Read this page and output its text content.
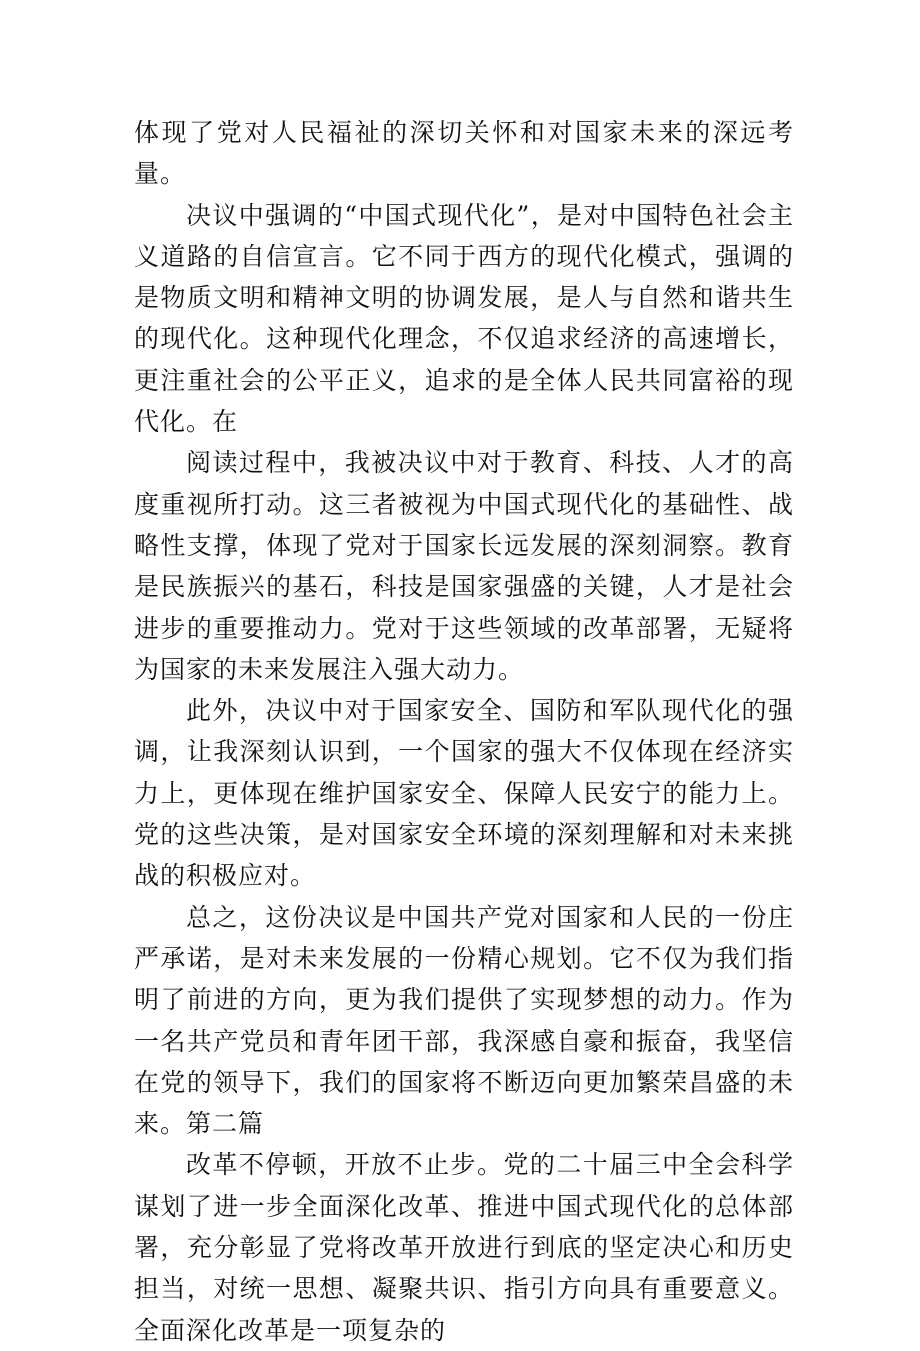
体现了党对人民福祉的深切关怀和对国家未来的深远考量。

决议中强调的“中国式现代化”，是对中国特色社会主义道路的自信宣言。它不同于西方的现代化模式，强调的是物质文明和精神文明的协调发展，是人与自然和谐共生的现代化。这种现代化理念，不仅追求经济的高速增长，更注重社会的公平正义，追求的是全体人民共同富裕的现代化。在

阅读过程中，我被决议中对于教育、科技、人才的高度重视所打动。这三者被视为中国式现代化的基础性、战略性支撑，体现了党对于国家长远发展的深刻洞察。教育是民族振兴的基石，科技是国家强盛的关键，人才是社会进步的重要推动力。党对于这些领域的改革部署，无疑将为国家的未来发展注入强大动力。

此外，决议中对于国家安全、国防和军队现代化的强调，让我深刻认识到，一个国家的强大不仅体现在经济实力上，更体现在维护国家安全、保障人民安宁的能力上。党的这些决策，是对国家安全环境的深刻理解和对未来挑战的积极应对。

总之，这份决议是中国共产党对国家和人民的一份庄严承诺，是对未来发展的一份精心规划。它不仅为我们指明了前进的方向，更为我们提供了实现梦想的动力。作为一名共产党员和青年团干部，我深感自豪和振奋，我坚信在党的领导下，我们的国家将不断迈向更加繁荣昌盛的未来。第二篇

改革不停顿，开放不止步。党的二十届三中全会科学谋划了进一步全面深化改革、推进中国式现代化的总体部署，充分彰显了党将改革开放进行到底的坚定决心和历史担当，对统一思想、凝聚共识、指引方向具有重要意义。全面深化改革是一项复杂的
